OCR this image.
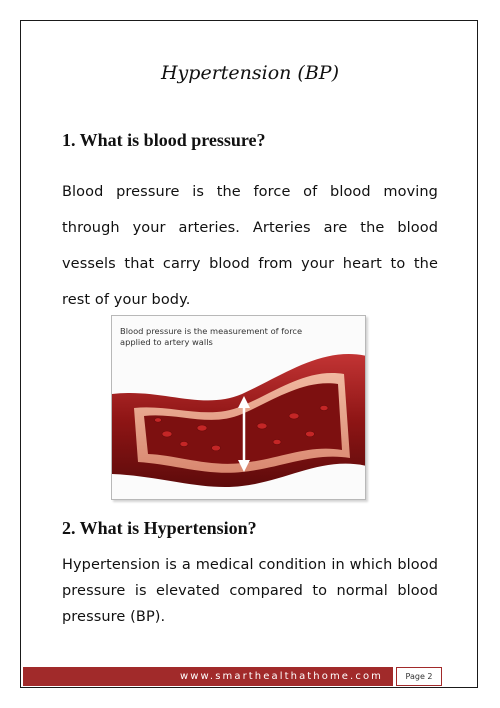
Hypertension (BP)
1. What is blood pressure?

Blood pressure is the force of blood moving through your arteries. Arteries are the blood vessels that carry blood from your heart to the rest of your body.

Blood pressure is the measurement of force applied to artery walls
2. What is Hypertension?

Hypertension is a medical condition in which blood pressure is elevated compared to normal blood pressure (BP).

www.smarthealthathome.com	Page 2
